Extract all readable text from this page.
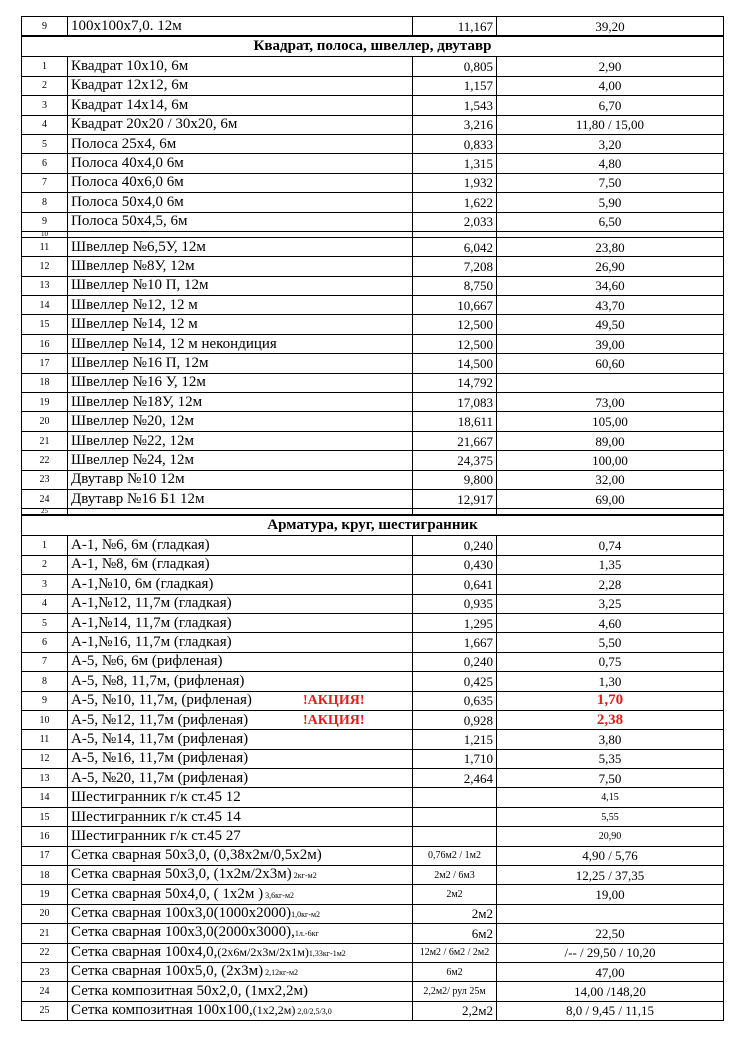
9	100х100х7,0. 12м	11,167	39,20
Квадрат, полоса, швеллер, двутавр			
1	Квадрат 10х10, 6м	0,805	2,90
2	Квадрат 12х12, 6м	1,157	4,00
3	Квадрат 14х14, 6м	1,543	6,70
4	Квадрат 20х20 / 30х20, 6м	3,216	11,80 / 15,00
5	Полоса 25х4, 6м	0,833	3,20
6	Полоса 40х4,0 6м	1,315	4,80
7	Полоса 40х6,0 6м	1,932	7,50
8	Полоса 50х4,0 6м	1,622	5,90
9	Полоса 50х4,5, 6м	2,033	6,50
10	

11	Швеллер №6,5У, 12м	6,042	23,80
12	Швеллер №8У, 12м	7,208	26,90
13	Швеллер №10 П, 12м	8,750	34,60
14	Швеллер №12, 12 м	10,667	43,70
15	Швеллер №14, 12 м	12,500	49,50
16	Швеллер №14, 12 м некондиция	12,500	39,00
17	Швеллер №16 П, 12м	14,500	60,60
18	Швеллер №16 У, 12м	14,792	
19	Швеллер №18У, 12м	17,083	73,00
20	Швеллер №20, 12м	18,611	105,00
21	Швеллер №22, 12м	21,667	89,00
22	Швеллер №24, 12м	24,375	100,00
23	Двутавр №10 12м	9,800	32,00
24	Двутавр №16 Б1 12м	12,917	69,00
25	

Арматура, круг, шестигранник			
1	А-1, №6, 6м (гладкая)	0,240	0,74
2	А-1, №8, 6м (гладкая)	0,430	1,35
3	А-1,№10, 6м (гладкая)	0,641	2,28
4	А-1,№12, 11,7м (гладкая)	0,935	3,25
5	А-1,№14, 11,7м (гладкая)	1,295	4,60
6	А-1,№16, 11,7м (гладкая)	1,667	5,50
7	А-5, №6, 6м (рифленая)	0,240	0,75
8	А-5, №8, 11,7м, (рифленая)	0,425	1,30
9	А-5, №10, 11,7м, (рифленая) !АКЦИЯ!	0,635	1,70
10	А-5, №12, 11,7м (рифленая) !АКЦИЯ!	0,928	2,38
11	А-5, №14, 11,7м (рифленая)	1,215	3,80
12	А-5, №16, 11,7м (рифленая)	1,710	5,35
13	А-5, №20, 11,7м (рифленая)	2,464	7,50
14	Шестигранник г/к ст.45 12		4,15
15	Шестигранник г/к ст.45 14		5,55
16	Шестигранник г/к ст.45 27		20,90
17	Сетка сварная 50х3,0, (0,38х2м/0,5х2м)	0,76м2 / 1м2	4,90 / 5,76
18	Сетка сварная 50х3,0, (1х2м/2х3м) 2кг-м2	2м2 / 6м3	12,25 / 37,35
19	Сетка сварная 50х4,0, ( 1х2м ) 3,6кг-м2	2м2	19,00
20	Сетка сварная 100х3,0(1000х2000)1,0кг-м2	2м2	
21	Сетка сварная 100х3,0(2000х3000),1л.-6кг	6м2	22,50
22	Сетка сварная 100х4,0,(2х6м/2х3м/2х1м)1,33кг-1м2	12м2 / 6м2 / 2м2	/-- / 29,50 / 10,20
23	Сетка сварная 100х5,0, (2х3м) 2,12кг-м2	6м2	47,00
24	Сетка композитная 50х2,0, (1мх2,2м)	2,2м2/ рул 25м	14,00 /148,20
25	Сетка композитная 100х100,(1х2,2м) 2,0/2,5/3,0	2,2м2	8,0 / 9,45 / 11,15
